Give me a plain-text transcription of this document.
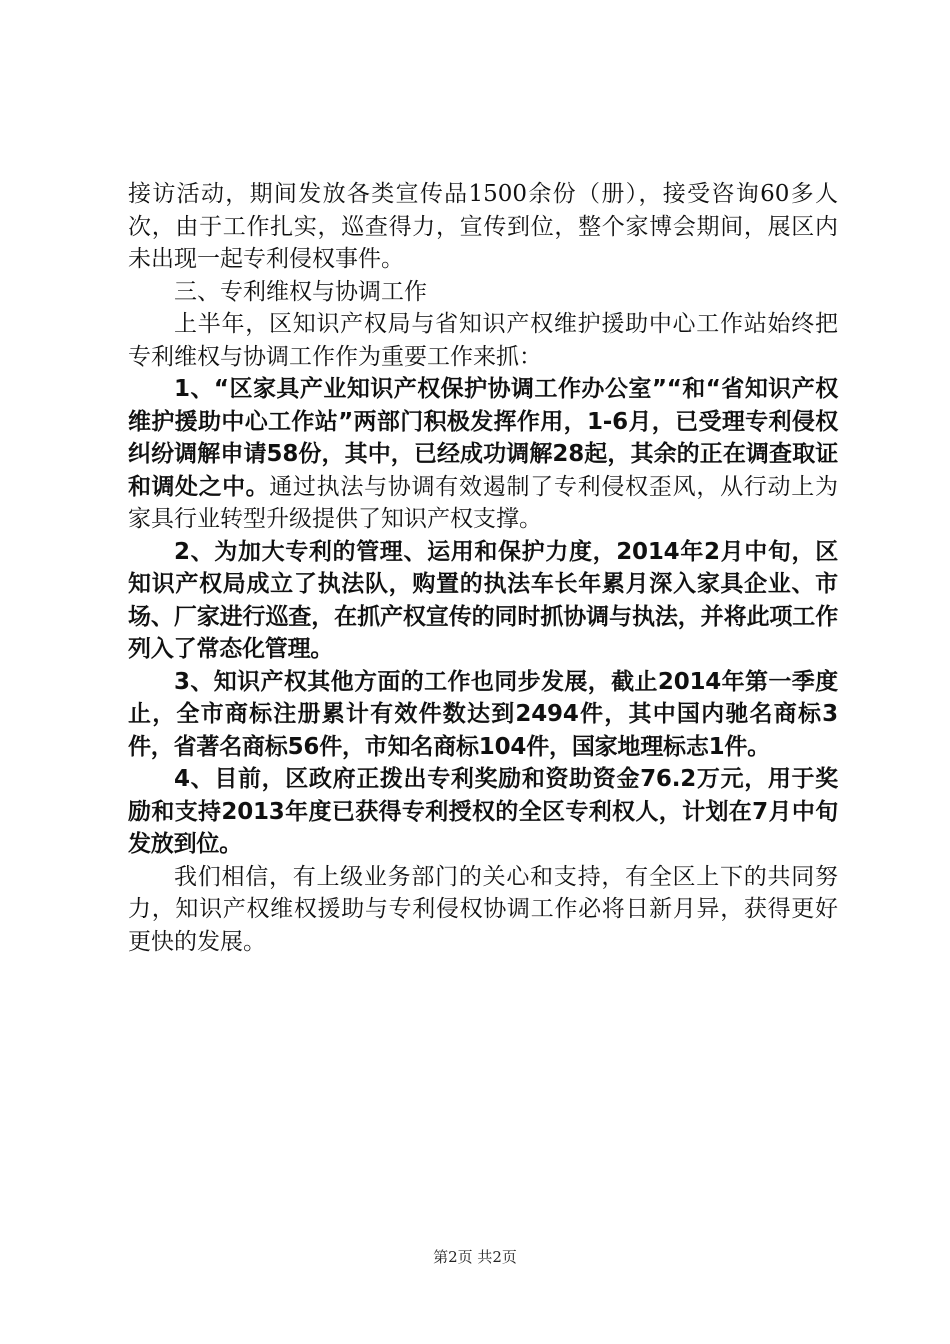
接访活动，期间发放各类宣传品1500余份（册），接受咨询60多人次，由于工作扎实，巡查得力，宣传到位，整个家博会期间，展区内未出现一起专利侵权事件。

三、专利维权与协调工作

上半年，区知识产权局与省知识产权维护援助中心工作站始终把专利维权与协调工作作为重要工作来抓：

1、“区家具产业知识产权保护协调工作办公室”“和“省知识产权维护援助中心工作站”两部门积极发挥作用，1-6月，已受理专利侵权纠纷调解申请58份，其中，已经成功调解28起，其余的正在调查取证和调处之中。通过执法与协调有效遏制了专利侵权歪风，从行动上为家具行业转型升级提供了知识产权支撑。

2、为加大专利的管理、运用和保护力度，2014年2月中旬，区知识产权局成立了执法队，购置的执法车长年累月深入家具企业、市场、厂家进行巡查，在抓产权宣传的同时抓协调与执法，并将此项工作列入了常态化管理。

3、知识产权其他方面的工作也同步发展，截止2014年第一季度止，全市商标注册累计有效件数达到2494件，其中国内驰名商标3件，省著名商标56件，市知名商标104件，国家地理标志1件。

4、目前，区政府正拨出专利奖励和资助资金76.2万元，用于奖励和支持2013年度已获得专利授权的全区专利权人，计划在7月中旬发放到位。

我们相信，有上级业务部门的关心和支持，有全区上下的共同努力，知识产权维权援助与专利侵权协调工作必将日新月异，获得更好更快的发展。

第2页 共2页
